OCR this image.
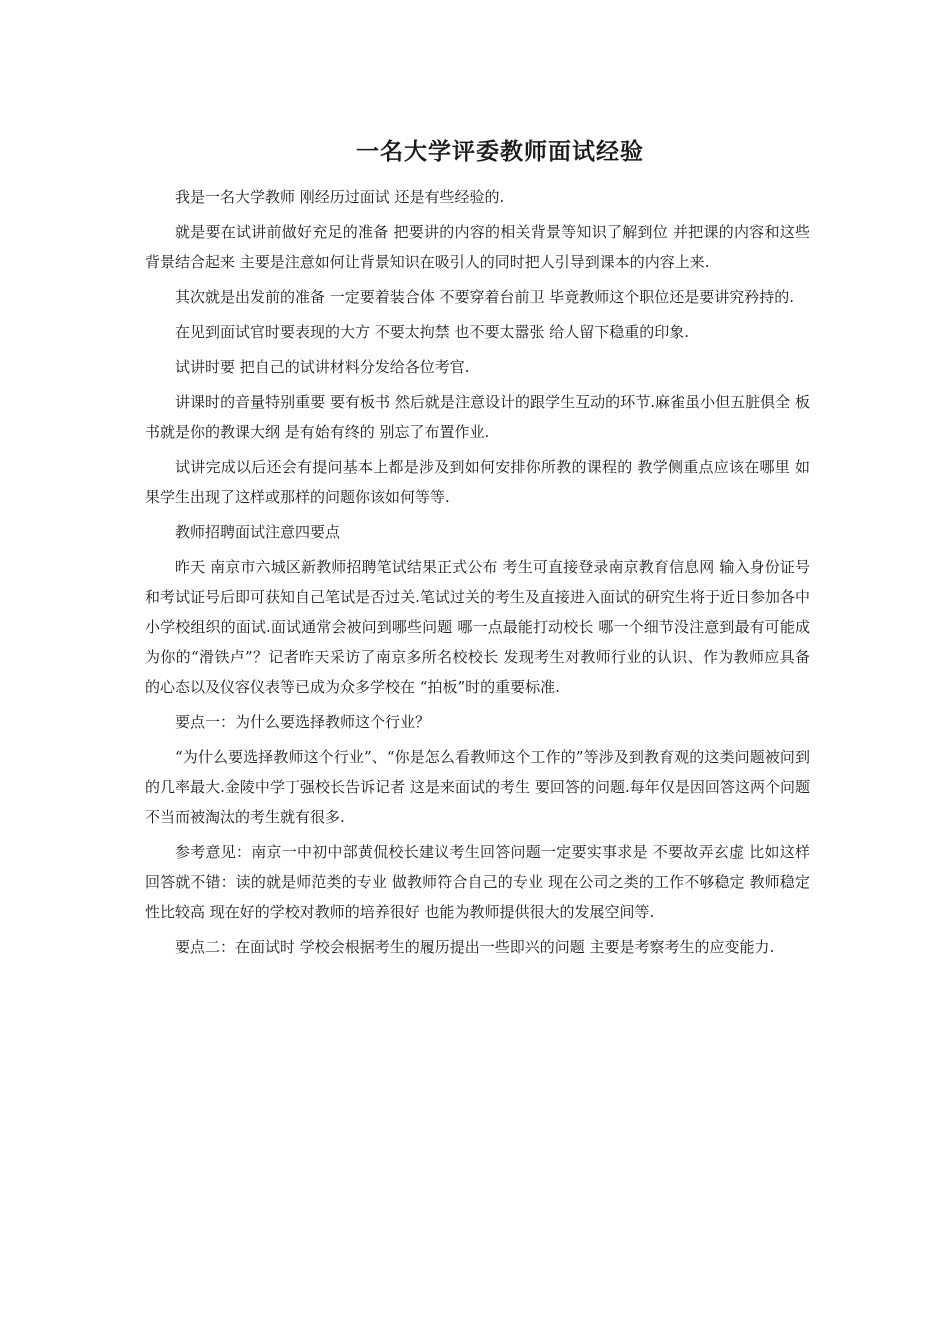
一名大学评委教师面试经验

我是一名大学教师 刚经历过面试 还是有些经验的.

就是要在试讲前做好充足的准备 把要讲的内容的相关背景等知识了解到位 并把课的内容和这些背景结合起来 主要是注意如何让背景知识在吸引人的同时把人引导到课本的内容上来.

其次就是出发前的准备 一定要着装合体 不要穿着台前卫 毕竟教师这个职位还是要讲究矜持的.

在见到面试官时要表现的大方 不要太拘禁 也不要太嚣张 给人留下稳重的印象.

试讲时要 把自己的试讲材料分发给各位考官.

讲课时的音量特别重要 要有板书 然后就是注意设计的跟学生互动的环节.麻雀虽小但五脏俱全 板书就是你的教课大纲 是有始有终的 别忘了布置作业.

试讲完成以后还会有提问基本上都是涉及到如何安排你所教的课程的 教学侧重点应该在哪里 如果学生出现了这样或那样的问题你该如何等等.

教师招聘面试注意四要点

昨天 南京市六城区新教师招聘笔试结果正式公布 考生可直接登录南京教育信息网 输入身份证号和考试证号后即可获知自己笔试是否过关.笔试过关的考生及直接进入面试的研究生将于近日参加各中小学校组织的面试.面试通常会被问到哪些问题 哪一点最能打动校长 哪一个细节没注意到最有可能成为你的“滑铁卢”？记者昨天采访了南京多所名校校长 发现考生对教师行业的认识、作为教师应具备的心态以及仪容仪表等已成为众多学校在 “拍板”时的重要标准.

要点一：为什么要选择教师这个行业？

“为什么要选择教师这个行业”、“你是怎么看教师这个工作的”等涉及到教育观的这类问题被问到的几率最大.金陵中学丁强校长告诉记者 这是来面试的考生 要回答的问题.每年仅是因回答这两个问题不当而被淘汰的考生就有很多.

参考意见：南京一中初中部黄侃校长建议考生回答问题一定要实事求是 不要故弄玄虚 比如这样回答就不错：读的就是师范类的专业 做教师符合自己的专业 现在公司之类的工作不够稳定 教师稳定性比较高 现在好的学校对教师的培养很好 也能为教师提供很大的发展空间等.

要点二：在面试时 学校会根据考生的履历提出一些即兴的问题 主要是考察考生的应变能力.
